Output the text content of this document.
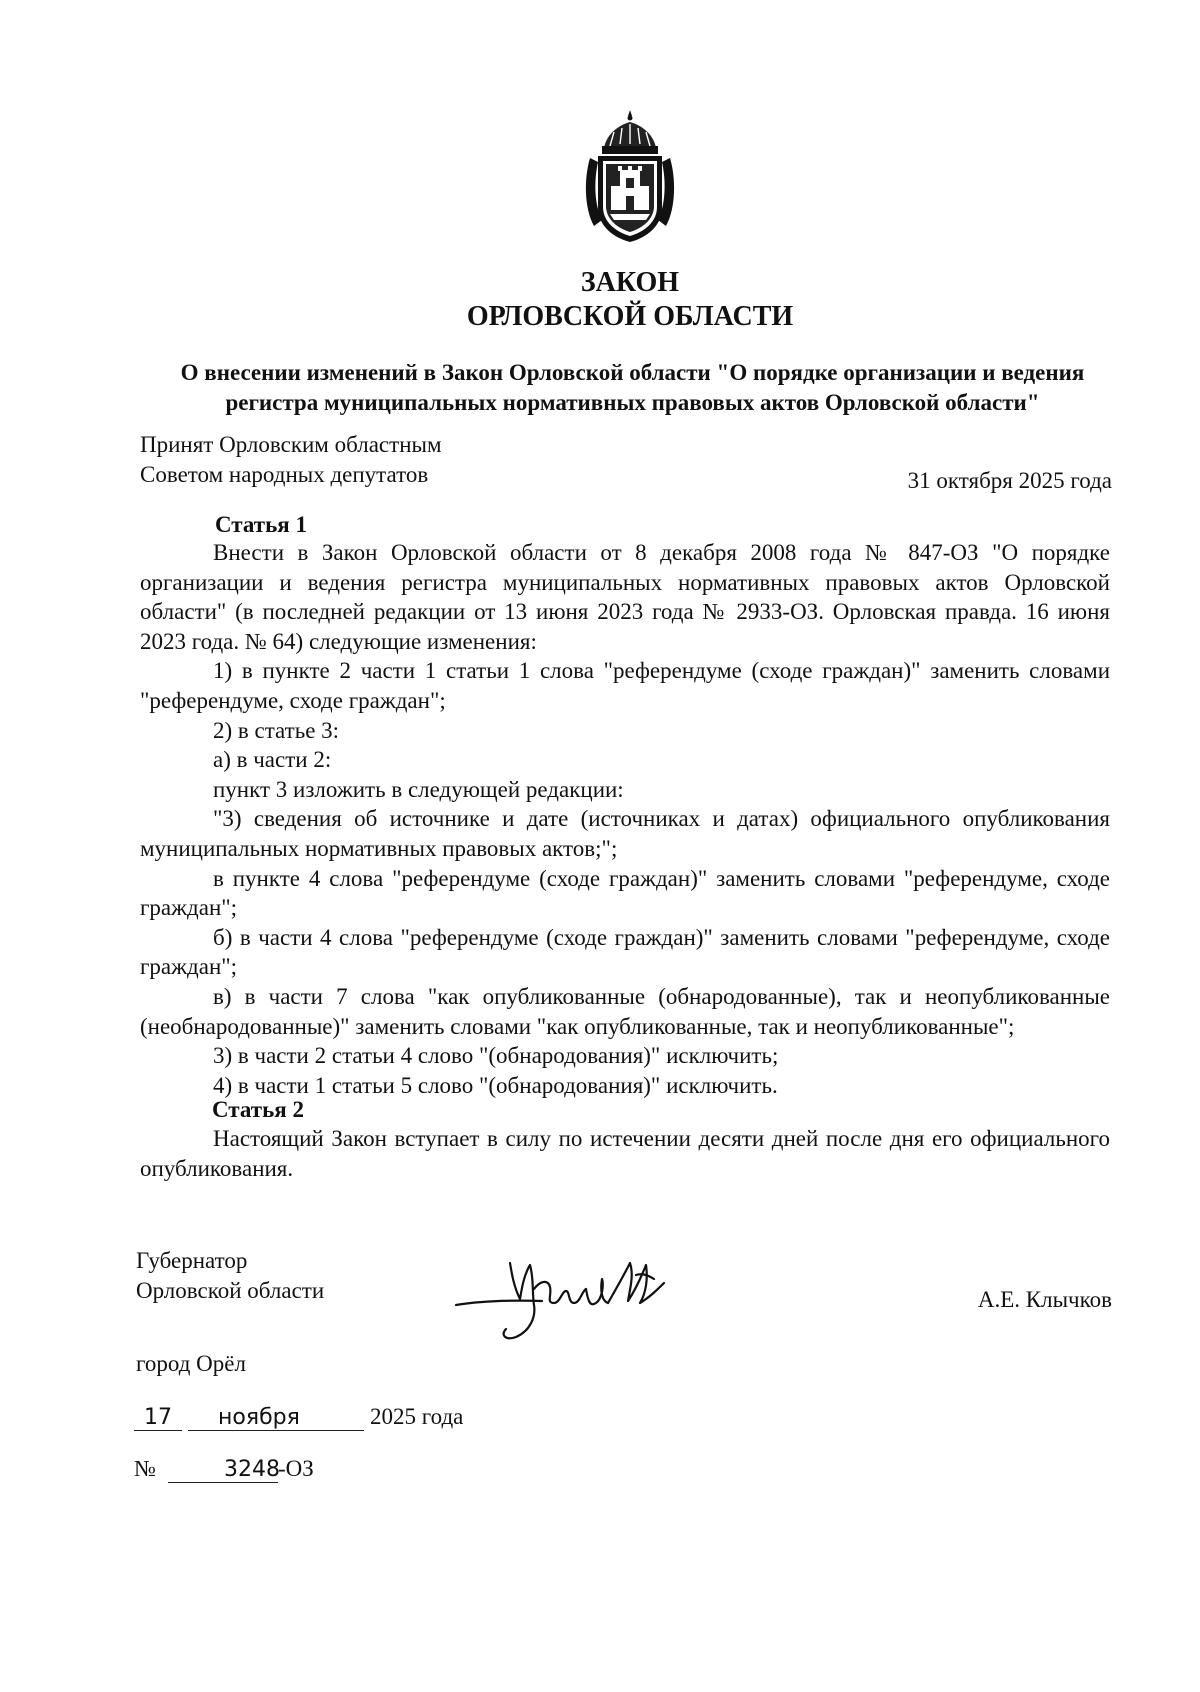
ЗАКОН
ОРЛОВСКОЙ ОБЛАСТИ
О внесении изменений в Закон Орловской области "О порядке организации и ведения регистра муниципальных нормативных правовых актов Орловской области"
Принят Орловским областным
Советом народных депутатов	31 октября 2025 года
Статья 1

Внести в Закон Орловской области от 8 декабря 2008 года № 847-ОЗ "О порядке организации и ведения регистра муниципальных нормативных правовых актов Орловской области" (в последней редакции от 13 июня 2023 года № 2933-ОЗ. Орловская правда. 16 июня 2023 года. № 64) следующие изменения:

1) в пункте 2 части 1 статьи 1 слова "референдуме (сходе граждан)" заменить словами "референдуме, сходе граждан";

2) в статье 3:

а) в части 2:

пункт 3 изложить в следующей редакции:

"3) сведения об источнике и дате (источниках и датах) официального опубликования муниципальных нормативных правовых актов;";

в пункте 4 слова "референдуме (сходе граждан)" заменить словами "референдуме, сходе граждан";

б) в части 4 слова "референдуме (сходе граждан)" заменить словами "референдуме, сходе граждан";

в) в части 7 слова "как опубликованные (обнародованные), так и неопубликованные (необнародованные)" заменить словами "как опубликованные, так и неопубликованные";

3) в части 2 статьи 4 слово "(обнародования)" исключить;

4) в части 1 статьи 5 слово "(обнародования)" исключить.

Статья 2

Настоящий Закон вступает в силу по истечении десяти дней после дня его официального опубликования.

Губернатор
Орловской области	А.Е. Клычков
город Орёл
17 ноября	2025 года
№	3248-ОЗ
